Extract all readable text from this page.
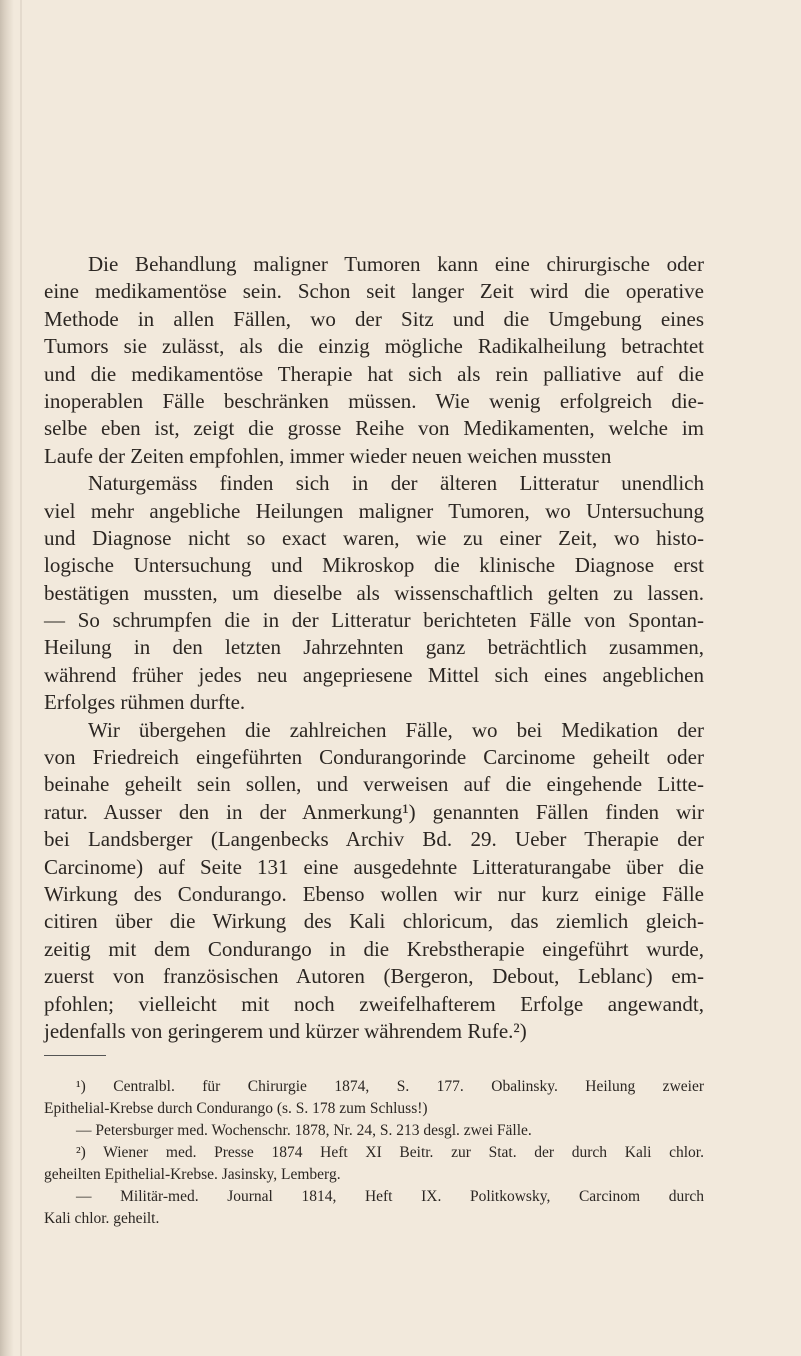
Die Behandlung maligner Tumoren kann eine chirurgische oder
eine medikamentöse sein. Schon seit langer Zeit wird die operative
Methode in allen Fällen, wo der Sitz und die Umgebung eines
Tumors sie zulässt, als die einzig mögliche Radikalheilung betrachtet
und die medikamentöse Therapie hat sich als rein palliative auf die
inoperablen Fälle beschränken müssen. Wie wenig erfolgreich die-
selbe eben ist, zeigt die grosse Reihe von Medikamenten, welche im
Laufe der Zeiten empfohlen, immer wieder neuen weichen mussten
Naturgemäss finden sich in der älteren Litteratur unendlich
viel mehr angebliche Heilungen maligner Tumoren, wo Untersuchung
und Diagnose nicht so exact waren, wie zu einer Zeit, wo histo-
logische Untersuchung und Mikroskop die klinische Diagnose erst
bestätigen mussten, um dieselbe als wissenschaftlich gelten zu lassen.
— So schrumpfen die in der Litteratur berichteten Fälle von Spontan-
Heilung in den letzten Jahrzehnten ganz beträchtlich zusammen,
während früher jedes neu angepriesene Mittel sich eines angeblichen
Erfolges rühmen durfte.
Wir übergehen die zahlreichen Fälle, wo bei Medikation der
von Friedreich eingeführten Condurangorinde Carcinome geheilt oder
beinahe geheilt sein sollen, und verweisen auf die eingehende Litte-
ratur. Ausser den in der Anmerkung¹) genannten Fällen finden wir
bei Landsberger (Langenbecks Archiv Bd. 29. Ueber Therapie der
Carcinome) auf Seite 131 eine ausgedehnte Litteraturangabe über die
Wirkung des Condurango. Ebenso wollen wir nur kurz einige Fälle
citiren über die Wirkung des Kali chloricum, das ziemlich gleich-
zeitig mit dem Condurango in die Krebstherapie eingeführt wurde,
zuerst von französischen Autoren (Bergeron, Debout, Leblanc) em-
pfohlen; vielleicht mit noch zweifelhafterem Erfolge angewandt,
jedenfalls von geringerem und kürzer währendem Rufe.²)
¹) Centralbl. für Chirurgie 1874, S. 177. Obalinsky. Heilung zweier
Epithelial-Krebse durch Condurango (s. S. 178 zum Schluss!)
— Petersburger med. Wochenschr. 1878, Nr. 24, S. 213 desgl. zwei Fälle.
²) Wiener med. Presse 1874 Heft XI Beitr. zur Stat. der durch Kali chlor.
geheilten Epithelial-Krebse. Jasinsky, Lemberg.
— Militär-med. Journal 1814, Heft IX. Politkowsky, Carcinom durch
Kali chlor. geheilt.
